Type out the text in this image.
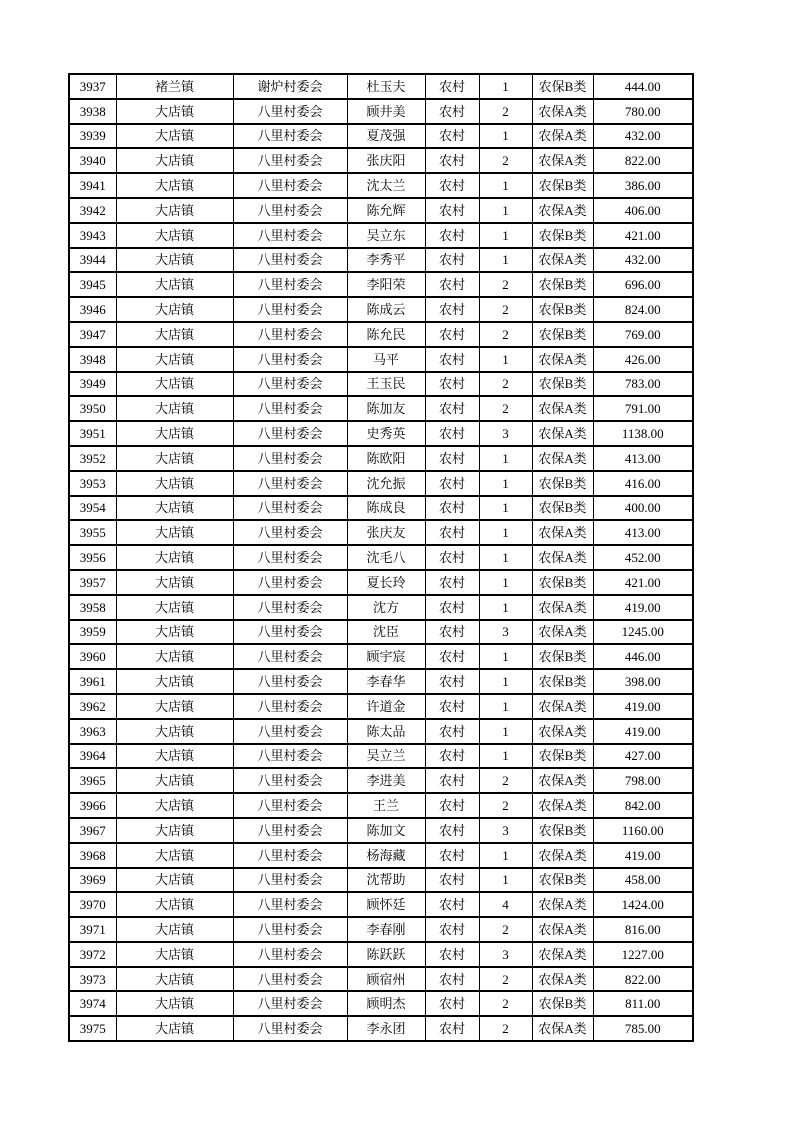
3937	褚兰镇	谢炉村委会	杜玉夫	农村	1	农保B类	444.00
3938	大店镇	八里村委会	顾井美	农村	2	农保A类	780.00
3939	大店镇	八里村委会	夏茂强	农村	1	农保A类	432.00
3940	大店镇	八里村委会	张庆阳	农村	2	农保A类	822.00
3941	大店镇	八里村委会	沈太兰	农村	1	农保B类	386.00
3942	大店镇	八里村委会	陈允辉	农村	1	农保A类	406.00
3943	大店镇	八里村委会	吴立东	农村	1	农保B类	421.00
3944	大店镇	八里村委会	李秀平	农村	1	农保A类	432.00
3945	大店镇	八里村委会	李阳荣	农村	2	农保B类	696.00
3946	大店镇	八里村委会	陈成云	农村	2	农保B类	824.00
3947	大店镇	八里村委会	陈允民	农村	2	农保B类	769.00
3948	大店镇	八里村委会	马平	农村	1	农保A类	426.00
3949	大店镇	八里村委会	王玉民	农村	2	农保B类	783.00
3950	大店镇	八里村委会	陈加友	农村	2	农保A类	791.00
3951	大店镇	八里村委会	史秀英	农村	3	农保A类	1138.00
3952	大店镇	八里村委会	陈欧阳	农村	1	农保A类	413.00
3953	大店镇	八里村委会	沈允振	农村	1	农保B类	416.00
3954	大店镇	八里村委会	陈成良	农村	1	农保B类	400.00
3955	大店镇	八里村委会	张庆友	农村	1	农保A类	413.00
3956	大店镇	八里村委会	沈毛八	农村	1	农保A类	452.00
3957	大店镇	八里村委会	夏长玲	农村	1	农保B类	421.00
3958	大店镇	八里村委会	沈方	农村	1	农保A类	419.00
3959	大店镇	八里村委会	沈臣	农村	3	农保A类	1245.00
3960	大店镇	八里村委会	顾宇宸	农村	1	农保B类	446.00
3961	大店镇	八里村委会	李春华	农村	1	农保B类	398.00
3962	大店镇	八里村委会	许道金	农村	1	农保A类	419.00
3963	大店镇	八里村委会	陈太品	农村	1	农保A类	419.00
3964	大店镇	八里村委会	吴立兰	农村	1	农保B类	427.00
3965	大店镇	八里村委会	李进美	农村	2	农保A类	798.00
3966	大店镇	八里村委会	王兰	农村	2	农保A类	842.00
3967	大店镇	八里村委会	陈加文	农村	3	农保B类	1160.00
3968	大店镇	八里村委会	杨海藏	农村	1	农保A类	419.00
3969	大店镇	八里村委会	沈帮助	农村	1	农保B类	458.00
3970	大店镇	八里村委会	顾怀廷	农村	4	农保A类	1424.00
3971	大店镇	八里村委会	李春刚	农村	2	农保A类	816.00
3972	大店镇	八里村委会	陈跃跃	农村	3	农保A类	1227.00
3973	大店镇	八里村委会	顾宿州	农村	2	农保A类	822.00
3974	大店镇	八里村委会	顾明杰	农村	2	农保B类	811.00
3975	大店镇	八里村委会	李永团	农村	2	农保A类	785.00
